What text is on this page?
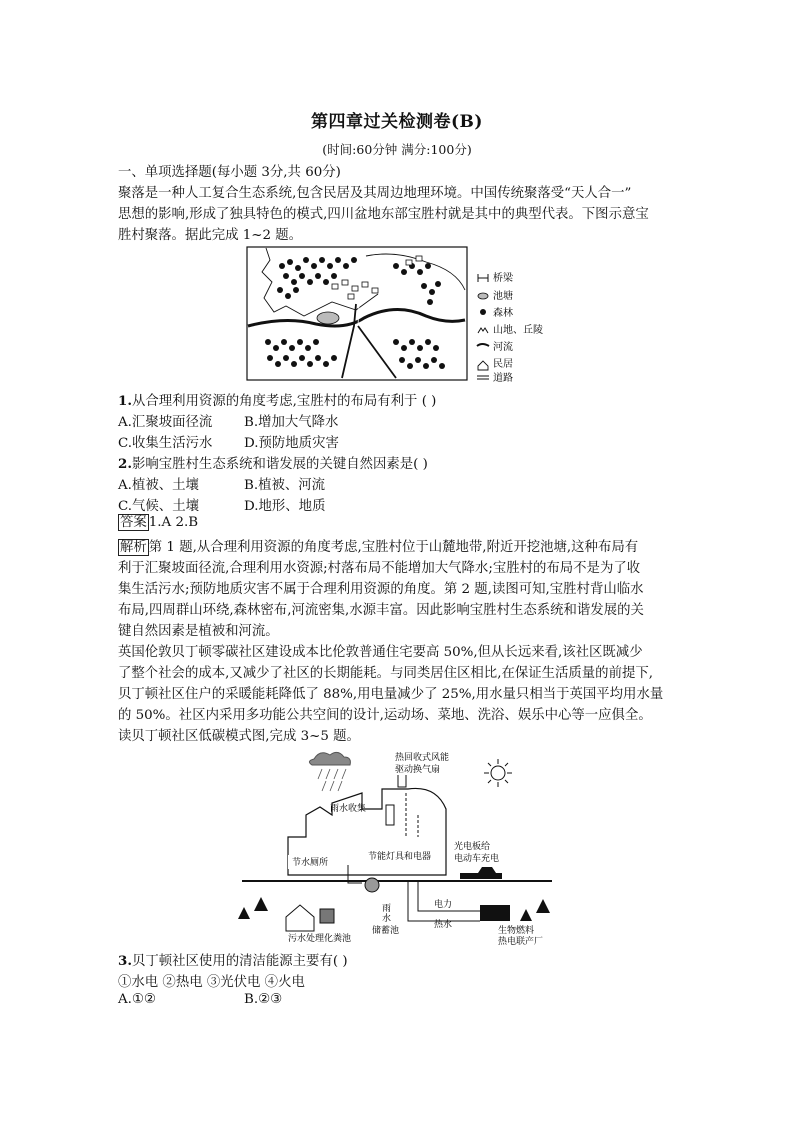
第四章过关检测卷(B)
(时间:60分钟 满分:100分)
一、单项选择题(每小题 3分,共 60分)
聚落是一种人工复合生态系统,包含民居及其周边地理环境。中国传统聚落受“天人合一”
思想的影响,形成了独具特色的模式,四川盆地东部宝胜村就是其中的典型代表。下图示意宝
胜村聚落。据此完成 1~2 题。
桥梁
池塘
森林
山地、丘陵
河流
民居
道路
1.从合理利用资源的角度考虑,宝胜村的布局有利于 ( )
A.汇聚坡面径流 B.增加大气降水
C.收集生活污水 D.预防地质灾害
2.影响宝胜村生态系统和谐发展的关键自然因素是( )
A.植被、土壤	B.植被、河流
C.气候、土壤	D.地形、地质
答案 1.A 2.B
解析 第 1 题,从合理利用资源的角度考虑,宝胜村位于山麓地带,附近开挖池塘,这种布局有
利于汇聚坡面径流,合理利用水资源;村落布局不能增加大气降水;宝胜村的布局不是为了收
集生活污水;预防地质灾害不属于合理利用资源的角度。第 2 题,读图可知,宝胜村背山临水
布局,四周群山环绕,森林密布,河流密集,水源丰富。因此影响宝胜村生态系统和谐发展的关
键自然因素是植被和河流。
英国伦敦贝丁顿零碳社区建设成本比伦敦普通住宅要高 50%,但从长远来看,该社区既减少
了整个社会的成本,又减少了社区的长期能耗。与同类居住区相比,在保证生活质量的前提下,
贝丁顿社区住户的采暖能耗降低了 88%,用电量减少了 25%,用水量只相当于英国平均用水量
的 50%。社区内采用多功能公共空间的设计,运动场、菜地、洗浴、娱乐中心等一应俱全。
读贝丁顿社区低碳模式图,完成 3~5 题。
热回收式风能
驱动换气扇
雨水收集
节水厕所
节能灯具和电器
光电板给
电动车充电
雨
水
储蓄池
污水处理 化粪池
电力
热水
生物燃料
热电联产厂
3.贝丁顿社区使用的清洁能源主要有( )
①水电 ②热电 ③光伏电 ④火电
A.①②	B.②③
